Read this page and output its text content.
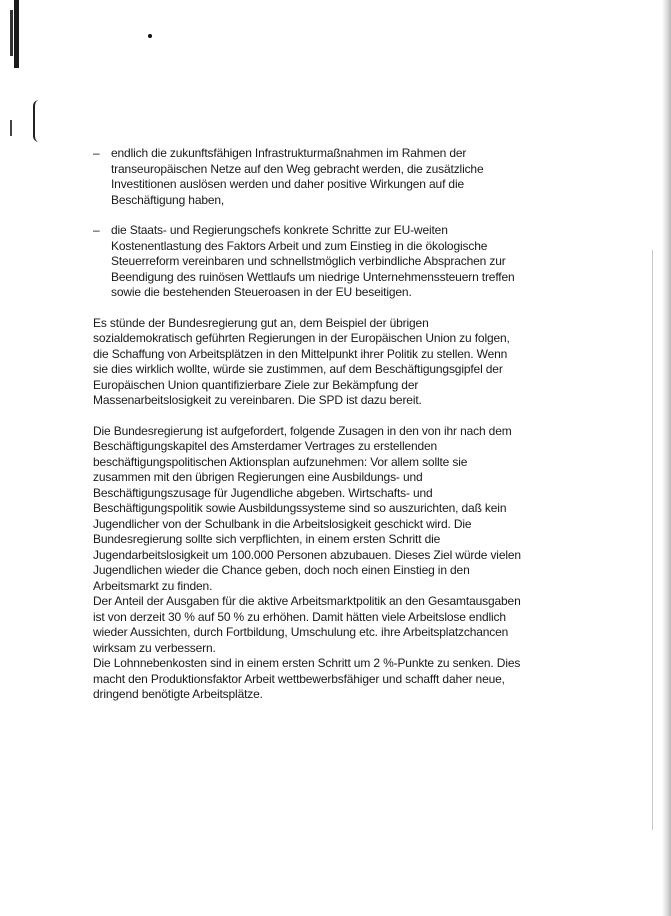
– endlich die zukunftsfähigen Infrastrukturmaßnahmen im Rahmen der transeuropäischen Netze auf den Weg gebracht werden, die zusätzliche Investitionen auslösen werden und daher positive Wirkungen auf die Beschäftigung haben,
– die Staats- und Regierungschefs konkrete Schritte zur EU-weiten Kostenentlastung des Faktors Arbeit und zum Einstieg in die ökologische Steuerreform vereinbaren und schnellstmöglich verbindliche Absprachen zur Beendigung des ruinösen Wettlaufs um niedrige Unternehmenssteuern treffen sowie die bestehenden Steueroasen in der EU beseitigen.

Es stünde der Bundesregierung gut an, dem Beispiel der übrigen sozialdemokratisch geführten Regierungen in der Europäischen Union zu folgen, die Schaffung von Arbeitsplätzen in den Mittelpunkt ihrer Politik zu stellen. Wenn sie dies wirklich wollte, würde sie zustimmen, auf dem Beschäftigungsgipfel der Europäischen Union quantifizierbare Ziele zur Bekämpfung der Massenarbeitslosigkeit zu vereinbaren. Die SPD ist dazu bereit.

Die Bundesregierung ist aufgefordert, folgende Zusagen in den von ihr nach dem Beschäftigungskapitel des Amsterdamer Vertrages zu erstellenden beschäftigungspolitischen Aktionsplan aufzunehmen: Vor allem sollte sie zusammen mit den übrigen Regierungen eine Ausbildungs- und Beschäftigungszusage für Jugendliche abgeben. Wirtschafts- und Beschäftigungspolitik sowie Ausbildungssysteme sind so auszurichten, daß kein Jugendlicher von der Schulbank in die Arbeitslosigkeit geschickt wird. Die Bundesregierung sollte sich verpflichten, in einem ersten Schritt die Jugendarbeitslosigkeit um 100.000 Personen abzubauen. Dieses Ziel würde vielen Jugendlichen wieder die Chance geben, doch noch einen Einstieg in den Arbeitsmarkt zu finden.

Der Anteil der Ausgaben für die aktive Arbeitsmarktpolitik an den Gesamtausgaben ist von derzeit 30 % auf 50 % zu erhöhen. Damit hätten viele Arbeitslose endlich wieder Aussichten, durch Fortbildung, Umschulung etc. ihre Arbeitsplatzchancen wirksam zu verbessern.

Die Lohnnebenkosten sind in einem ersten Schritt um 2 %-Punkte zu senken. Dies macht den Produktionsfaktor Arbeit wettbewerbsfähiger und schafft daher neue, dringend benötigte Arbeitsplätze.
